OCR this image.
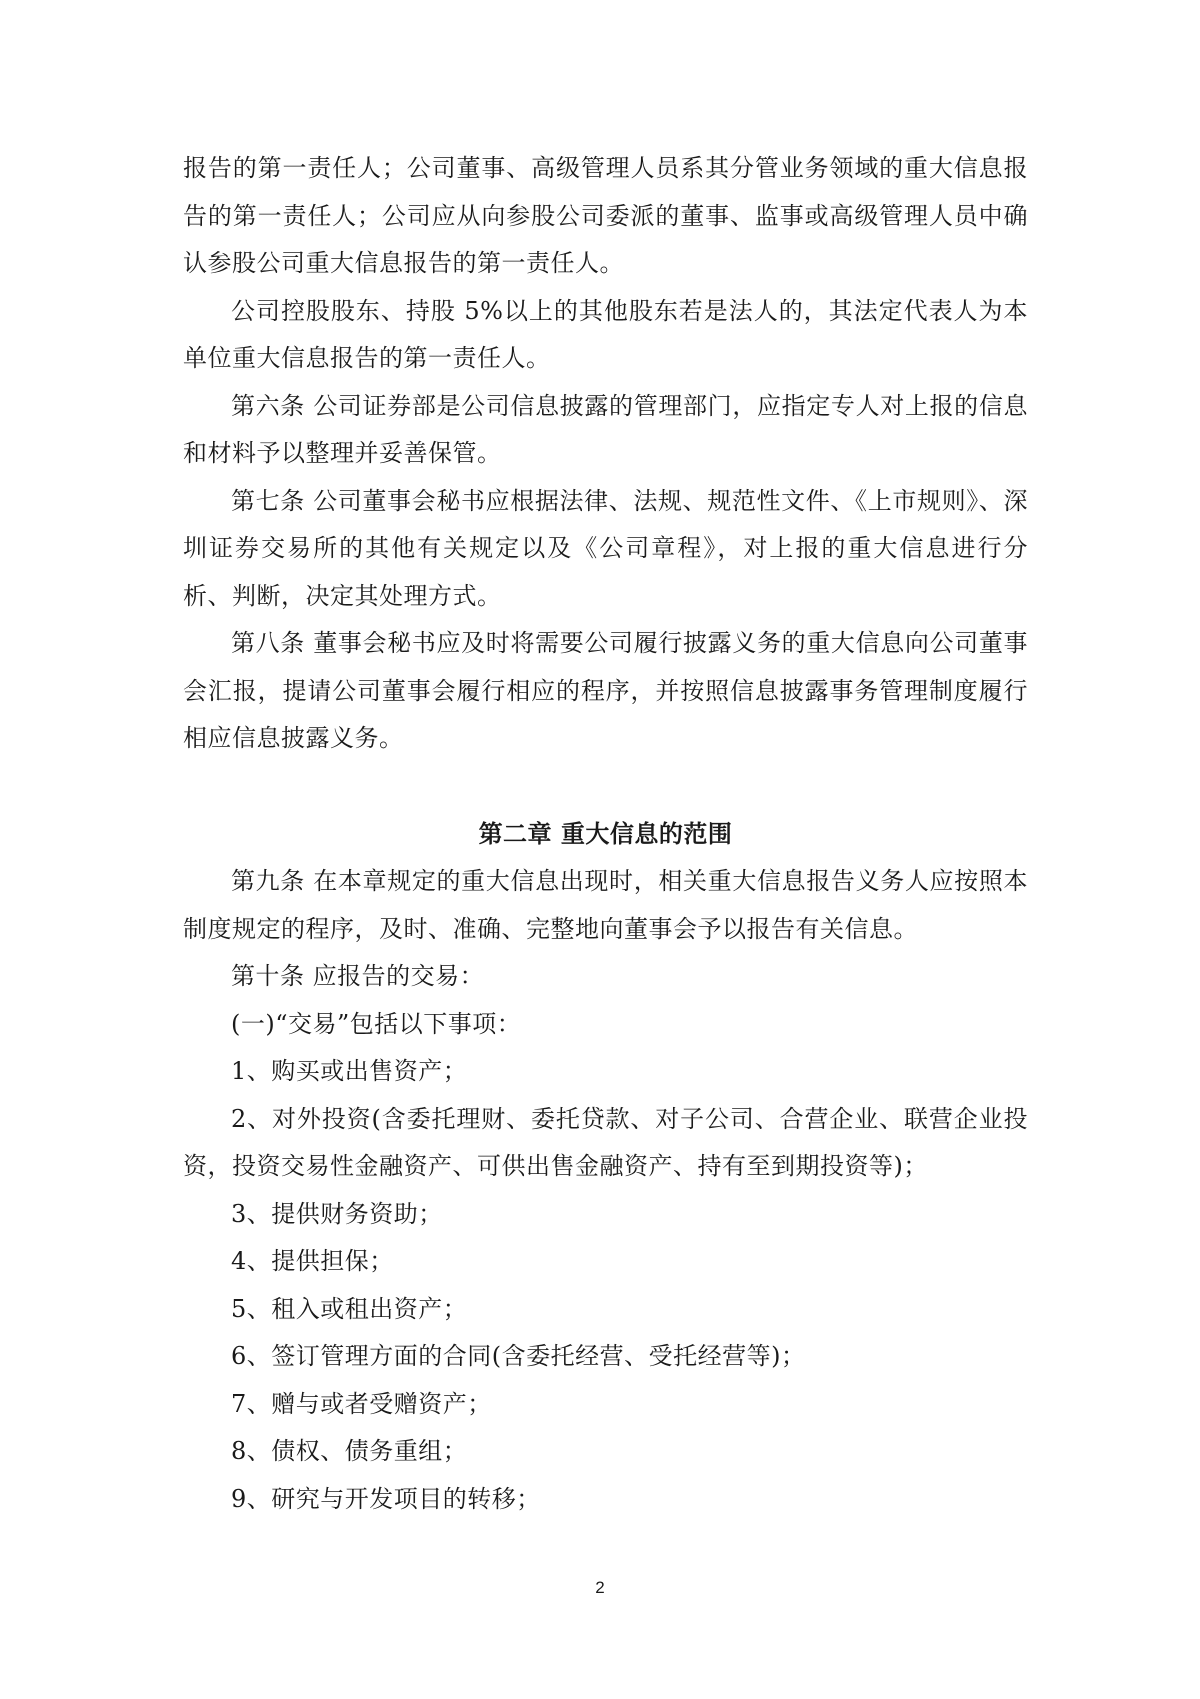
报告的第一责任人；公司董事、高级管理人员系其分管业务领域的重大信息报告的第一责任人；公司应从向参股公司委派的董事、监事或高级管理人员中确认参股公司重大信息报告的第一责任人。

公司控股股东、持股 5%以上的其他股东若是法人的，其法定代表人为本单位重大信息报告的第一责任人。

第六条 公司证券部是公司信息披露的管理部门，应指定专人对上报的信息和材料予以整理并妥善保管。

第七条 公司董事会秘书应根据法律、法规、规范性文件、《上市规则》、深圳证券交易所的其他有关规定以及《公司章程》，对上报的重大信息进行分析、判断，决定其处理方式。

第八条 董事会秘书应及时将需要公司履行披露义务的重大信息向公司董事会汇报，提请公司董事会履行相应的程序，并按照信息披露事务管理制度履行相应信息披露义务。

第二章 重大信息的范围

第九条 在本章规定的重大信息出现时，相关重大信息报告义务人应按照本制度规定的程序，及时、准确、完整地向董事会予以报告有关信息。

第十条 应报告的交易：

(一)“交易”包括以下事项：

1、购买或出售资产；

2、对外投资(含委托理财、委托贷款、对子公司、合营企业、联营企业投资，投资交易性金融资产、可供出售金融资产、持有至到期投资等)；

3、提供财务资助；

4、提供担保；

5、租入或租出资产；

6、签订管理方面的合同(含委托经营、受托经营等)；

7、赠与或者受赠资产；

8、债权、债务重组；

9、研究与开发项目的转移；

2
